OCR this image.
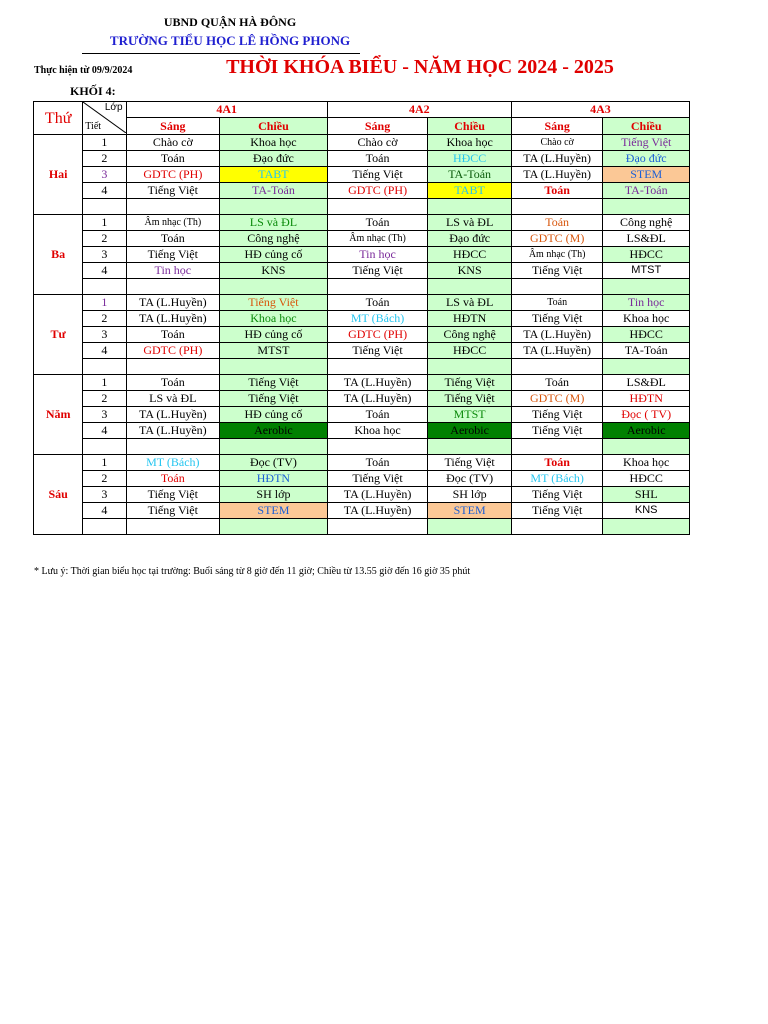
UBND QUẬN HÀ ĐÔNG
TRƯỜNG TIỂU HỌC LÊ HỒNG PHONG
Thực hiện từ 09/9/2024	THỜI KHÓA BIỂU - NĂM HỌC 2024 - 2025
KHỐI 4:
Thứ	Lớp
Tiết	4A1		4A2		4A3	
		Sáng	Chiều	Sáng	Chiều	Sáng	Chiều
Hai	1	Chào cờ	Khoa học	Chào cờ	Khoa học	Chào cờ	Tiếng Việt
	2	Toán	Đạo đức	Toán	HĐCC	TA (L.Huyền)	Đạo đức
	3	GDTC (PH)	TABT	Tiếng Việt	TA-Toán	TA (L.Huyền)	STEM
	4	Tiếng Việt	TA-Toán	GDTC (PH)	TABT	Toán	TA-Toán

Ba	1	Âm nhạc (Th)	LS và ĐL	Toán	LS và ĐL	Toán	Công nghệ
	2	Toán	Công nghệ	Âm nhạc (Th)	Đạo đức	GDTC (M)	LS&ĐL
	3	Tiếng Việt	HĐ củng cố	Tin học	HĐCC	Âm nhạc (Th)	HĐCC
	4	Tin học	KNS	Tiếng Việt	KNS	Tiếng Việt	MTST

Tư	1	TA (L.Huyền)	Tiếng Việt	Toán	LS và ĐL	Toán	Tin học
	2	TA (L.Huyền)	Khoa học	MT (Bách)	HĐTN	Tiếng Việt	Khoa học
	3	Toán	HĐ củng cố	GDTC (PH)	Công nghệ	TA (L.Huyền)	HĐCC
	4	GDTC (PH)	MTST	Tiếng Việt	HĐCC	TA (L.Huyền)	TA-Toán

Năm	1	Toán	Tiếng Việt	TA (L.Huyền)	Tiếng Việt	Toán	LS&ĐL
	2	LS và ĐL	Tiếng Việt	TA (L.Huyền)	Tiếng Việt	GDTC (M)	HĐTN
	3	TA (L.Huyền)	HĐ củng cố	Toán	MTST	Tiếng Việt	Đọc ( TV)
	4	TA (L.Huyền)	Aerobic	Khoa học	Aerobic	Tiếng Việt	Aerobic

Sáu	1	MT (Bách)	Đọc (TV)	Toán	Tiếng Việt	Toán	Khoa học
	2	Toán	HĐTN	Tiếng Việt	Đọc (TV)	MT (Bách)	HĐCC
	3	Tiếng Việt	SH lớp	TA (L.Huyền)	SH lớp	Tiếng Việt	SHL
	4	Tiếng Việt	STEM	TA (L.Huyền)	STEM	Tiếng Việt	KNS

* Lưu ý: Thời gian biểu học tại trường: Buổi sáng từ 8 giờ đến 11 giờ; Chiều từ 13.55 giờ đến 16 giờ 35 phút
